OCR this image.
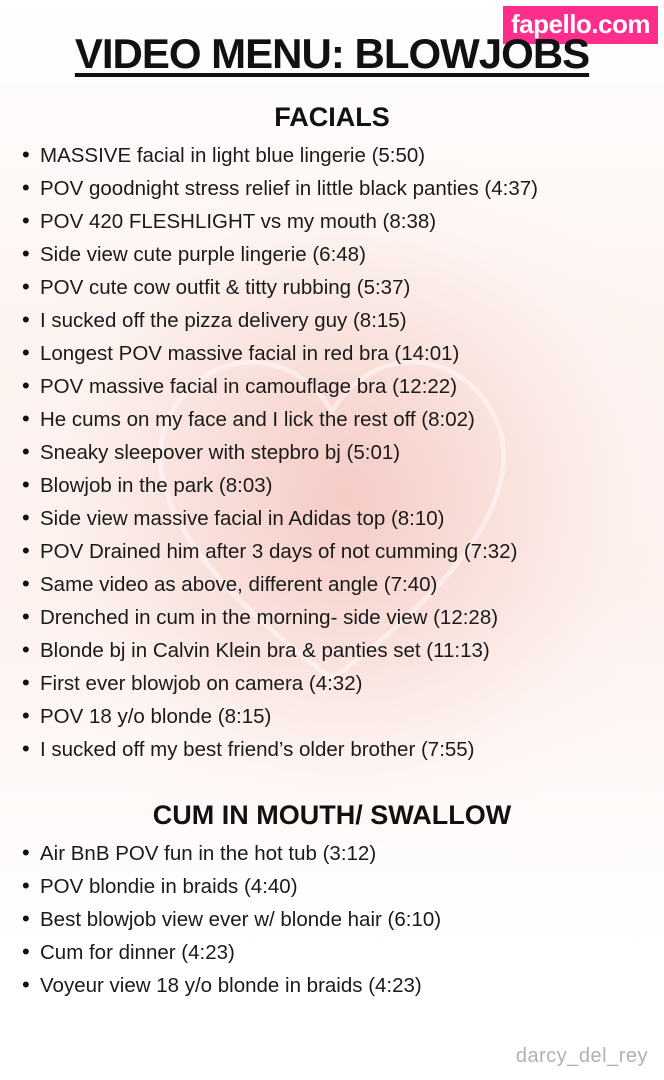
fapello.com
VIDEO MENU: BLOWJOBS
FACIALS
• MASSIVE facial in light blue lingerie (5:50)
• POV goodnight stress relief in little black panties (4:37)
• POV 420 FLESHLIGHT vs my mouth (8:38)
• Side view cute purple lingerie (6:48)
• POV cute cow outfit & titty rubbing (5:37)
• I sucked off the pizza delivery guy (8:15)
• Longest POV massive facial in red bra (14:01)
• POV massive facial in camouflage bra (12:22)
• He cums on my face and I lick the rest off (8:02)
• Sneaky sleepover with stepbro bj (5:01)
• Blowjob in the park (8:03)
• Side view massive facial in Adidas top (8:10)
• POV Drained him after 3 days of not cumming (7:32)
• Same video as above, different angle (7:40)
• Drenched in cum in the morning- side view (12:28)
• Blonde bj in Calvin Klein bra & panties set (11:13)
• First ever blowjob on camera (4:32)
• POV 18 y/o blonde (8:15)
• I sucked off my best friend’s older brother (7:55)
CUM IN MOUTH/ SWALLOW
• Air BnB POV fun in the hot tub (3:12)
• POV blondie in braids (4:40)
• Best blowjob view ever w/ blonde hair (6:10)
• Cum for dinner (4:23)
• Voyeur view 18 y/o blonde in braids (4:23)
darcy_del_rey
